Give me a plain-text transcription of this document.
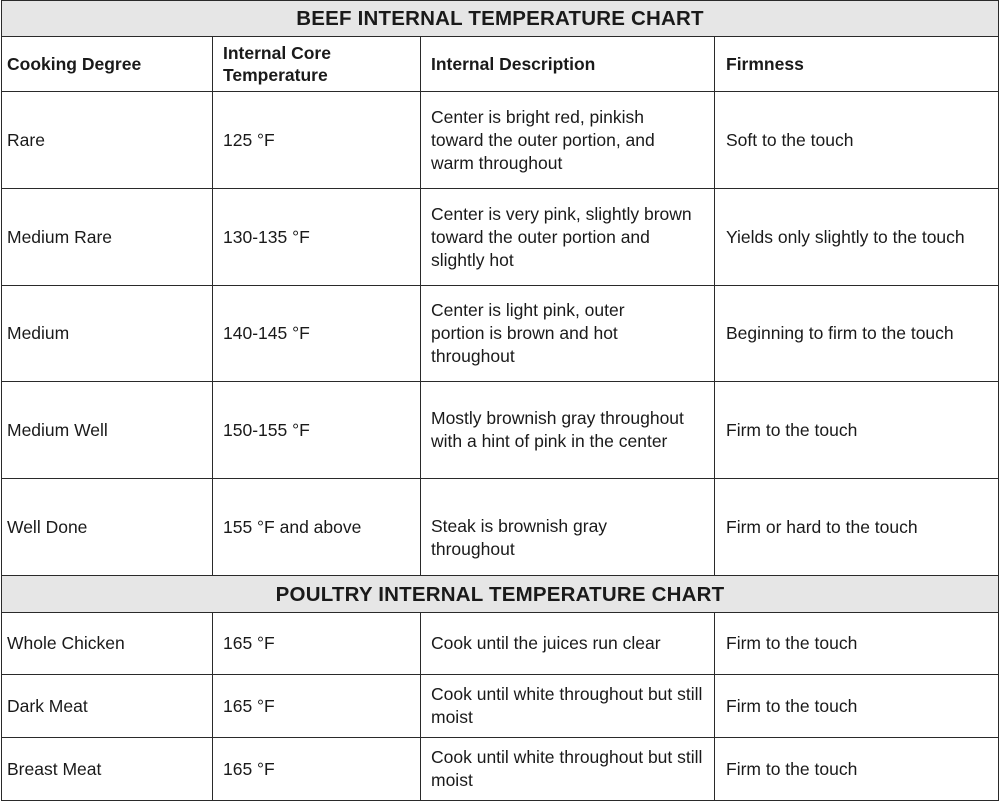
BEEF INTERNAL TEMPERATURE CHART			
Cooking Degree	Internal Core Temperature	Internal Description	Firmness
Rare	125 °F	Center is bright red, pinkish toward the outer portion, and warm throughout	Soft to the touch
Medium Rare	130-135 °F	Center is very pink, slightly brown toward the outer portion and slightly hot	Yields only slightly to the touch
Medium	140-145 °F	Center is light pink, outer portion is brown and hot throughout	Beginning to firm to the touch
Medium Well	150-155 °F	Mostly brownish gray throughout with a hint of pink in the center	Firm to the touch
Well Done	155 °F and above	Steak is brownish gray throughout	Firm or hard to the touch
POULTRY INTERNAL TEMPERATURE CHART			
Whole Chicken	165 °F	Cook until the juices run clear	Firm to the touch
Dark Meat	165 °F	Cook until white throughout but still moist	Firm to the touch
Breast Meat	165 °F	Cook until white throughout but still moist	Firm to the touch
